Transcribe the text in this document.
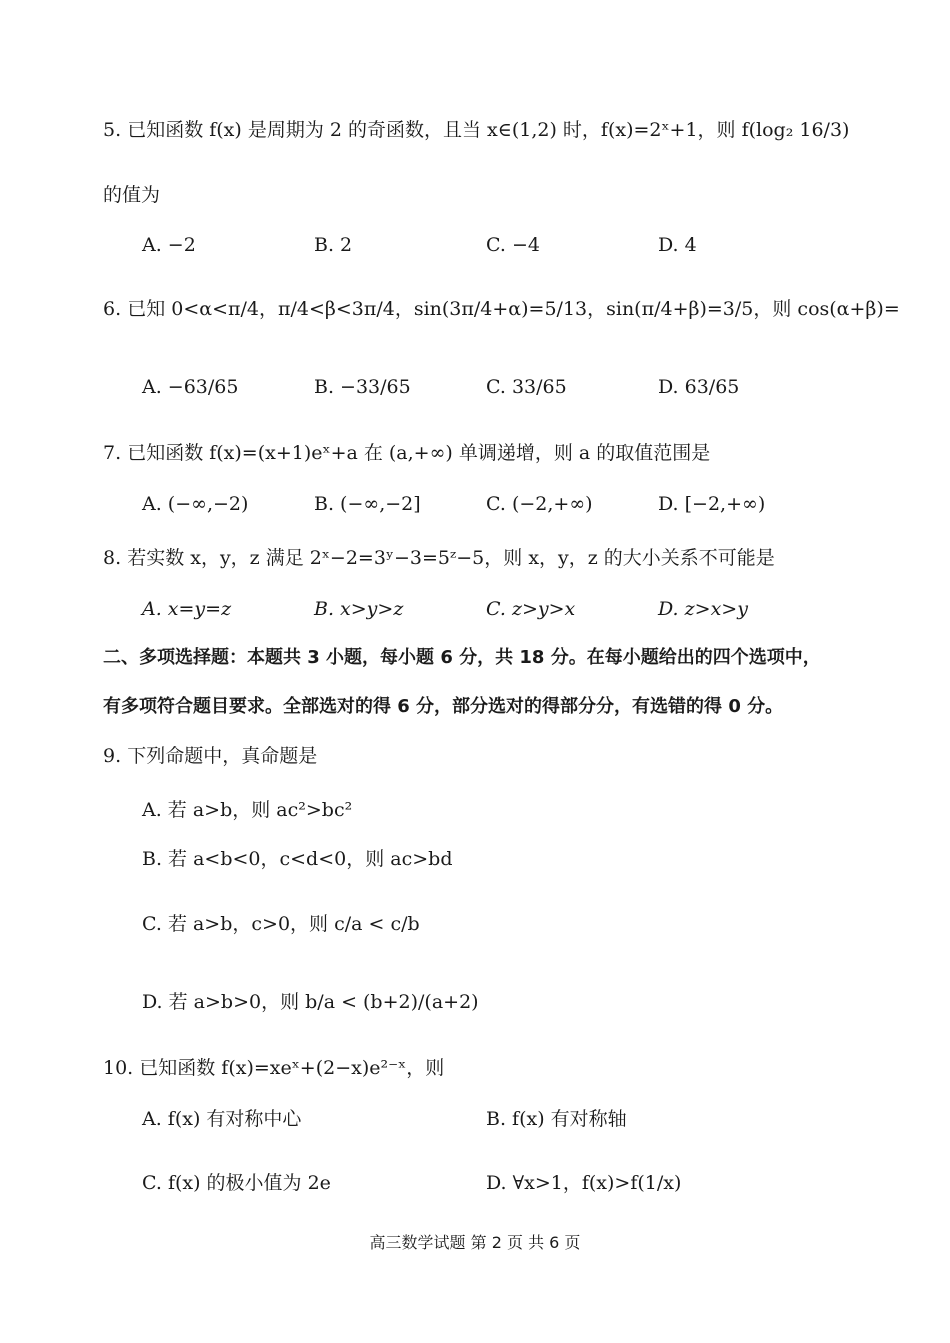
5. 已知函数 f(x) 是周期为 2 的奇函数，且当 x∈(1,2) 时，f(x)=2ˣ+1，则 f(log₂ 16/3)
的值为
A. −2	B. 2	C. −4	D. 4
6. 已知 0<α<π/4，π/4<β<3π/4，sin(3π/4+α)=5/13，sin(π/4+β)=3/5，则 cos(α+β)=
A. −63/65	B. −33/65	C. 33/65	D. 63/65
7. 已知函数 f(x)=(x+1)eˣ+a 在 (a,+∞) 单调递增，则 a 的取值范围是
A. (−∞,−2)	B. (−∞,−2]	C. (−2,+∞)	D. [−2,+∞)
8. 若实数 x，y，z 满足 2ˣ−2=3ʸ−3=5ᶻ−5，则 x，y，z 的大小关系不可能是
A. x=y=z	B. x>y>z	C. z>y>x	D. z>x>y
二、多项选择题：本题共 3 小题，每小题 6 分，共 18 分。在每小题给出的四个选项中，
有多项符合题目要求。全部选对的得 6 分，部分选对的得部分分，有选错的得 0 分。
9. 下列命题中，真命题是
A. 若 a>b，则 ac²>bc²
B. 若 a<b<0，c<d<0，则 ac>bd
C. 若 a>b，c>0，则 c/a < c/b
D. 若 a>b>0，则 b/a < (b+2)/(a+2)
10. 已知函数 f(x)=xeˣ+(2−x)e²⁻ˣ，则
A. f(x) 有对称中心	B. f(x) 有对称轴
C. f(x) 的极小值为 2e	D. ∀x>1，f(x)>f(1/x)
高三数学试题 第 2 页 共 6 页
